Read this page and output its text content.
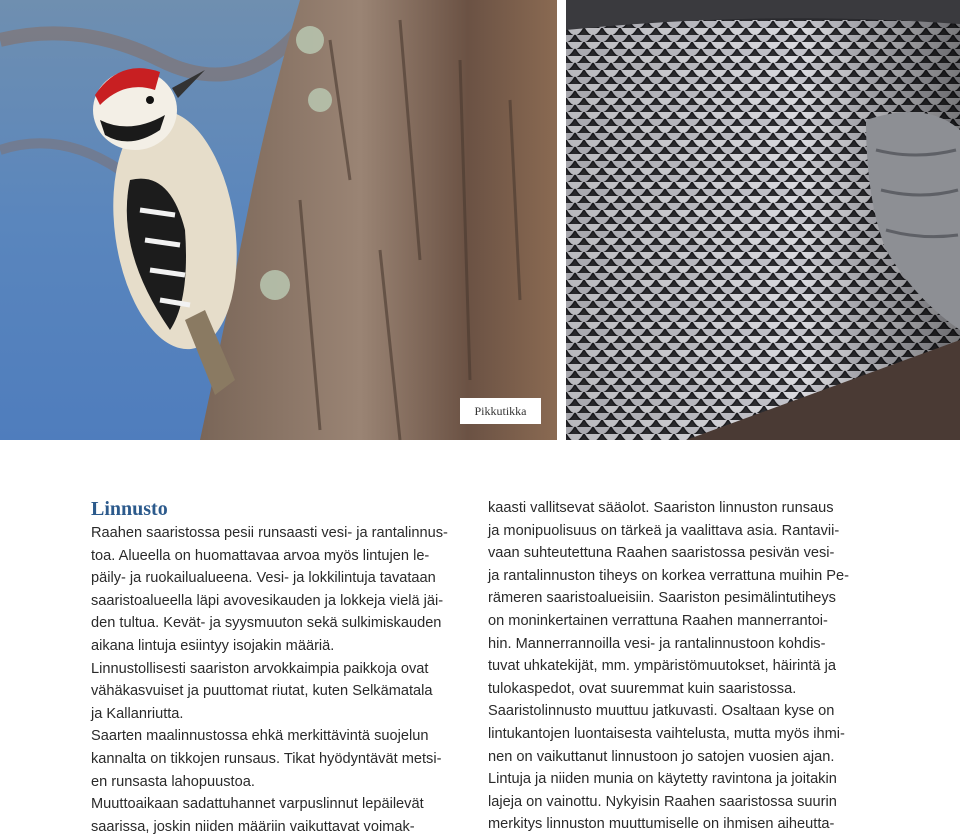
Pikkutikka
Linnusto
Raahen saaristossa pesii runsaasti vesi- ja rantalinnus-
toa. Alueella on huomattavaa arvoa myös lintujen le-
päily- ja ruokailualueena. Vesi- ja lokkilintuja tavataan
saaristoalueella läpi avovesikauden ja lokkeja vielä jäi-
den tultua. Kevät- ja syysmuuton sekä sulkimiskauden
aikana lintuja esiintyy isojakin määriä.
Linnustollisesti saariston arvokkaimpia paikkoja ovat
vähäkasvuiset ja puuttomat riutat, kuten Selkämatala
ja Kallanriutta.
Saarten maalinnustossa ehkä merkittävintä suojelun
kannalta on tikkojen runsaus. Tikat hyödyntävät metsi-
en runsasta lahopuustoa.
Muuttoaikaan sadattuhannet varpuslinnut lepäilevät
saarissa, joskin niiden määriin vaikuttavat voimak-
kaasti vallitsevat sääolot. Saariston linnuston runsaus
ja monipuolisuus on tärkeä ja vaalittava asia. Rantavii-
vaan suhteutettuna Raahen saaristossa pesivän vesi-
ja rantalinnuston tiheys on korkea verrattuna muihin Pe-
rämeren saaristoalueisiin. Saariston pesimälintutiheys
on moninkertainen verrattuna Raahen mannerrantoi-
hin. Mannerrannoilla vesi- ja rantalinnustoon kohdis-
tuvat uhkatekijät, mm. ympäristömuutokset, häirintä ja
tulokaspedot, ovat suuremmat kuin saaristossa.
Saaristolinnusto muuttuu jatkuvasti. Osaltaan kyse on
lintukantojen luontaisesta vaihtelusta, mutta myös ihmi-
nen on vaikuttanut linnustoon jo satojen vuosien ajan.
Lintuja ja niiden munia on käytetty ravintona ja joitakin
lajeja on vainottu. Nykyisin Raahen saaristossa suurin
merkitys linnuston muuttumiselle on ihmisen aiheutta-
